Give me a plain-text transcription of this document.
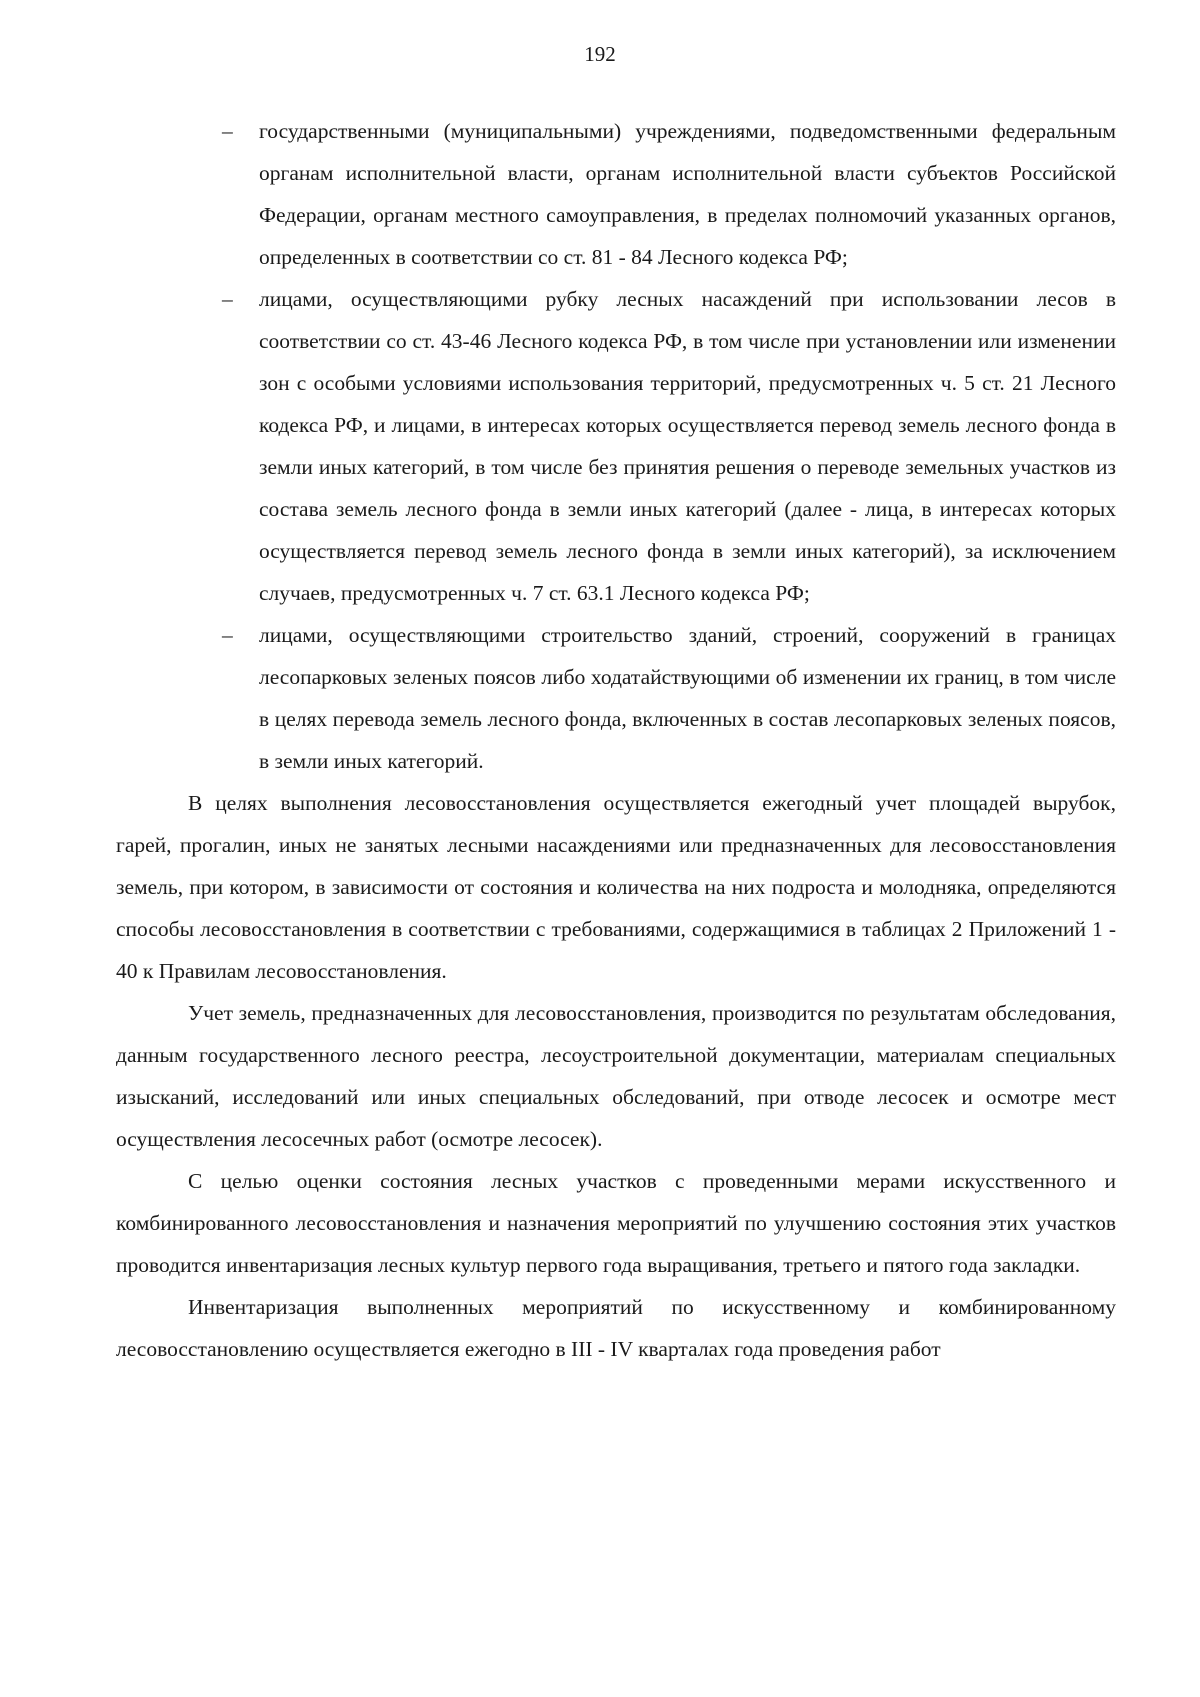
192
– государственными (муниципальными) учреждениями, подведомственными федеральным органам исполнительной власти, органам исполнительной власти субъектов Российской Федерации, органам местного самоуправления, в пределах полномочий указанных органов, определенных в соответствии со ст. 81 - 84 Лесного кодекса РФ;
– лицами, осуществляющими рубку лесных насаждений при использовании лесов в соответствии со ст. 43-46 Лесного кодекса РФ, в том числе при установлении или изменении зон с особыми условиями использования территорий, предусмотренных ч. 5 ст. 21 Лесного кодекса РФ, и лицами, в интересах которых осуществляется перевод земель лесного фонда в земли иных категорий, в том числе без принятия решения о переводе земельных участков из состава земель лесного фонда в земли иных категорий (далее - лица, в интересах которых осуществляется перевод земель лесного фонда в земли иных категорий), за исключением случаев, предусмотренных ч. 7 ст. 63.1 Лесного кодекса РФ;
– лицами, осуществляющими строительство зданий, строений, сооружений в границах лесопарковых зеленых поясов либо ходатайствующими об изменении их границ, в том числе в целях перевода земель лесного фонда, включенных в состав лесопарковых зеленых поясов, в земли иных категорий.

В целях выполнения лесовосстановления осуществляется ежегодный учет площадей вырубок, гарей, прогалин, иных не занятых лесными насаждениями или предназначенных для лесовосстановления земель, при котором, в зависимости от состояния и количества на них подроста и молодняка, определяются способы лесовосстановления в соответствии с требованиями, содержащимися в таблицах 2 Приложений 1 - 40 к Правилам лесовосстановления.

Учет земель, предназначенных для лесовосстановления, производится по результатам обследования, данным государственного лесного реестра, лесоустроительной документации, материалам специальных изысканий, исследований или иных специальных обследований, при отводе лесосек и осмотре мест осуществления лесосечных работ (осмотре лесосек).

С целью оценки состояния лесных участков с проведенными мерами искусственного и комбинированного лесовосстановления и назначения мероприятий по улучшению состояния этих участков проводится инвентаризация лесных культур первого года выращивания, третьего и пятого года закладки.

Инвентаризация выполненных мероприятий по искусственному и комбинированному лесовосстановлению осуществляется ежегодно в III - IV кварталах года проведения работ
